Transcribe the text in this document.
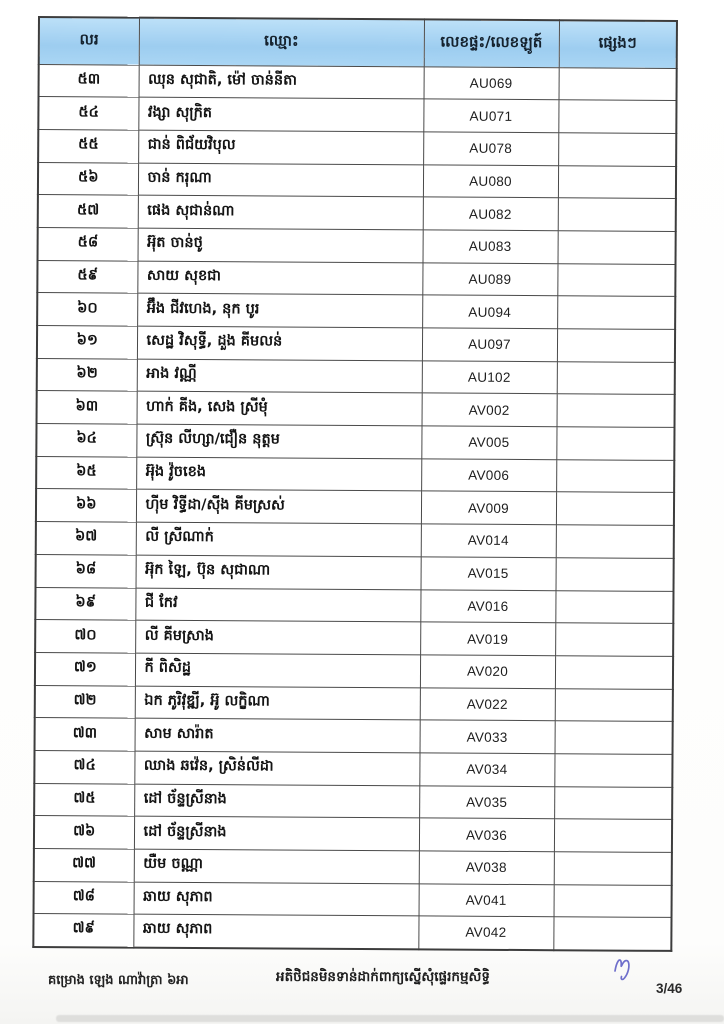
លរ	ឈ្មោះ	លេខផ្ទះ/លេខឡូត៍	ផ្សេងៗ
៥៣	ឈុន សុជាតិ, ម៉ៅ ចាន់នីតា	AU069	
៥៤	វង្សា សុក្រិត	AU071	
៥៥	ជាន់ ពិជ័យវិបុល	AU078	
៥៦	ចាន់ ករុណា	AU080	
៥៧	ផេង សុជាន់ណា	AU082	
៥៨	អ៊ុត ចាន់ថូ	AU083	
៥៩	សាយ សុខជា	AU089	
៦០	អ៊ឹង ជីវហេង, នុក បូរ	AU094	
៦១	សេដ្ឋ វិសុទ្ធី, ដួង គីមលន់	AU097	
៦២	អាង វណ្ណី	AU102	
៦៣	ហាក់ គីង, សេង ស្រីមុំ	AV002	
៦៤	ស្រ៊ុន លីហ្សា/ជឿន នុត្តម	AV005	
៦៥	អ៊ុង វ៉ូចខេង	AV006	
៦៦	ហ៊ីម វិទ្ធីដា/ស៊ីង គីមស្រស់	AV009	
៦៧	លី ស្រីណាក់	AV014	
៦៨	អ៊ុក ឡៃ, ប៊ុន សុជាណា	AV015	
៦៩	ជី កែវ	AV016	
៧០	លី គីមស្រាង	AV019	
៧១	កី ពិសិដ្ឋ	AV020	
៧២	ឯក ភូរិវុឌ្ឍី, អ៊ូ លក្ខិណា	AV022	
៧៣	សាម សារ៉ាត	AV033	
៧៤	ឈាង ឆវ៉េន, ស្រិន់លីដា	AV034	
៧៥	ដៅ ច័ន្ទស្រីនាង	AV035	
៧៦	ដៅ ច័ន្ទស្រីនាង	AV036	
៧៧	យឺម ចណ្ណា	AV038	
៧៨	ឆាយ សុភាព	AV041	
៧៩	ឆាយ សុភាព	AV042	
គម្រោង ឡេង ណាវ៉ាត្រា ៦អា	អតិថិជនមិនទាន់ដាក់ពាក្យស្នើសុំផ្ទេរកម្មសិទ្ធិ
3/46
